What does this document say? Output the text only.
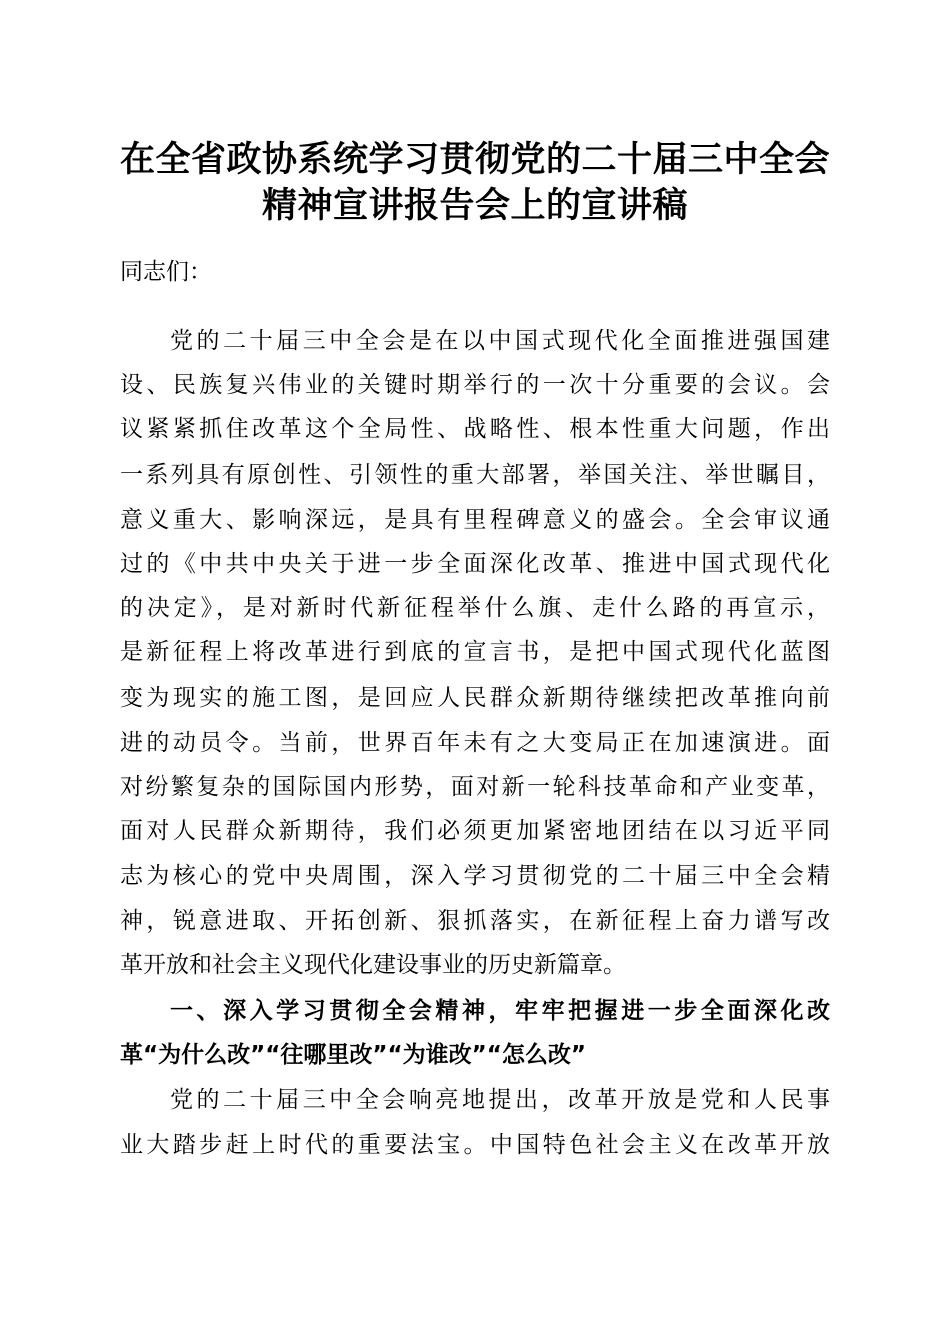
在全省政协系统学习贯彻党的二十届三中全会
精神宣讲报告会上的宣讲稿

同志们：

党的二十届三中全会是在以中国式现代化全面推进强国建

设、民族复兴伟业的关键时期举行的一次十分重要的会议。会

议紧紧抓住改革这个全局性、战略性、根本性重大问题，作出

一系列具有原创性、引领性的重大部署，举国关注、举世瞩目，

意义重大、影响深远，是具有里程碑意义的盛会。全会审议通

过的《中共中央关于进一步全面深化改革、推进中国式现代化

的决定》，是对新时代新征程举什么旗、走什么路的再宣示，

是新征程上将改革进行到底的宣言书，是把中国式现代化蓝图

变为现实的施工图，是回应人民群众新期待继续把改革推向前

进的动员令。当前，世界百年未有之大变局正在加速演进。面

对纷繁复杂的国际国内形势，面对新一轮科技革命和产业变革，

面对人民群众新期待，我们必须更加紧密地团结在以习近平同

志为核心的党中央周围，深入学习贯彻党的二十届三中全会精

神，锐意进取、开拓创新、狠抓落实，在新征程上奋力谱写改

革开放和社会主义现代化建设事业的历史新篇章。

一、深入学习贯彻全会精神，牢牢把握进一步全面深化改

革“为什么改”“往哪里改”“为谁改”“怎么改”

党的二十届三中全会响亮地提出，改革开放是党和人民事

业大踏步赶上时代的重要法宝。中国特色社会主义在改革开放
